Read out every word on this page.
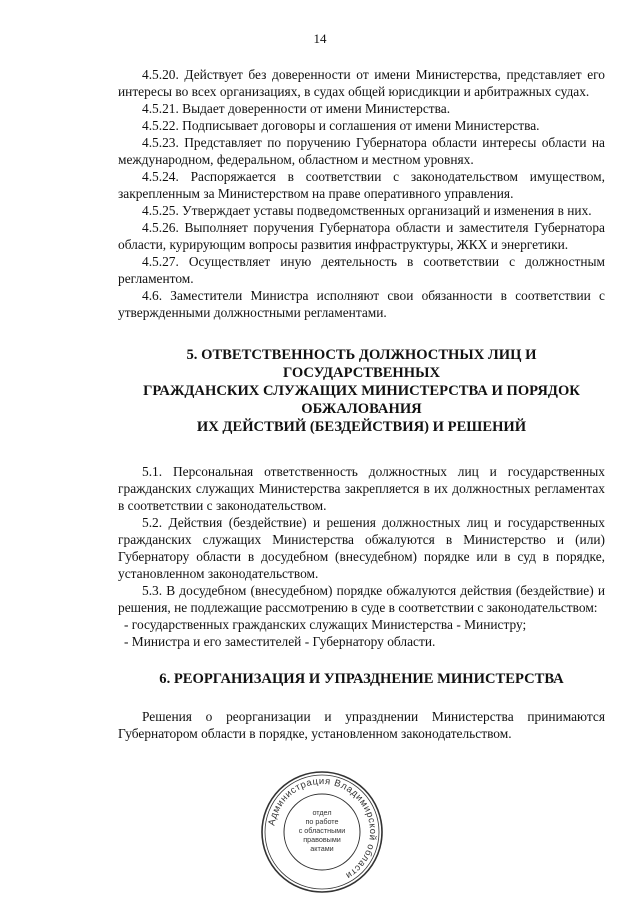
14

4.5.20. Действует без доверенности от имени Министерства, представляет его интересы во всех организациях, в судах общей юрисдикции и арбитражных судах.

4.5.21. Выдает доверенности от имени Министерства.

4.5.22. Подписывает договоры и соглашения от имени Министерства.

4.5.23. Представляет по поручению Губернатора области интересы области на международном, федеральном, областном и местном уровнях.

4.5.24. Распоряжается в соответствии с законодательством имуществом, закрепленным за Министерством на праве оперативного управления.

4.5.25. Утверждает уставы подведомственных организаций и изменения в них.

4.5.26. Выполняет поручения Губернатора области и заместителя Губернатора области, курирующим вопросы развития инфраструктуры, ЖКХ и энергетики.

4.5.27. Осуществляет иную деятельность в соответствии с должностным регламентом.

4.6. Заместители Министра исполняют свои обязанности в соответствии с утвержденными должностными регламентами.

5. ОТВЕТСТВЕННОСТЬ ДОЛЖНОСТНЫХ ЛИЦ И
ГОСУДАРСТВЕННЫХ
ГРАЖДАНСКИХ СЛУЖАЩИХ МИНИСТЕРСТВА И ПОРЯДОК
ОБЖАЛОВАНИЯ
ИХ ДЕЙСТВИЙ (БЕЗДЕЙСТВИЯ) И РЕШЕНИЙ

5.1. Персональная ответственность должностных лиц и государственных гражданских служащих Министерства закрепляется в их должностных регламентах в соответствии с законодательством.

5.2. Действия (бездействие) и решения должностных лиц и государственных гражданских служащих Министерства обжалуются в Министерство и (или) Губернатору области в досудебном (внесудебном) порядке или в суд в порядке, установленном законодательством.

5.3. В досудебном (внесудебном) порядке обжалуются действия (бездействие) и решения, не подлежащие рассмотрению в суде в соответствии с законодательством:

- государственных гражданских служащих Министерства - Министру;

- Министра и его заместителей - Губернатору области.

6. РЕОРГАНИЗАЦИЯ И УПРАЗДНЕНИЕ МИНИСТЕРСТВА

Решения о реорганизации и упразднении Министерства принимаются Губернатором области в порядке, установленном законодательством.

Администрация Владимирской области
отдел
по работе
с областными
правовыми
актами
